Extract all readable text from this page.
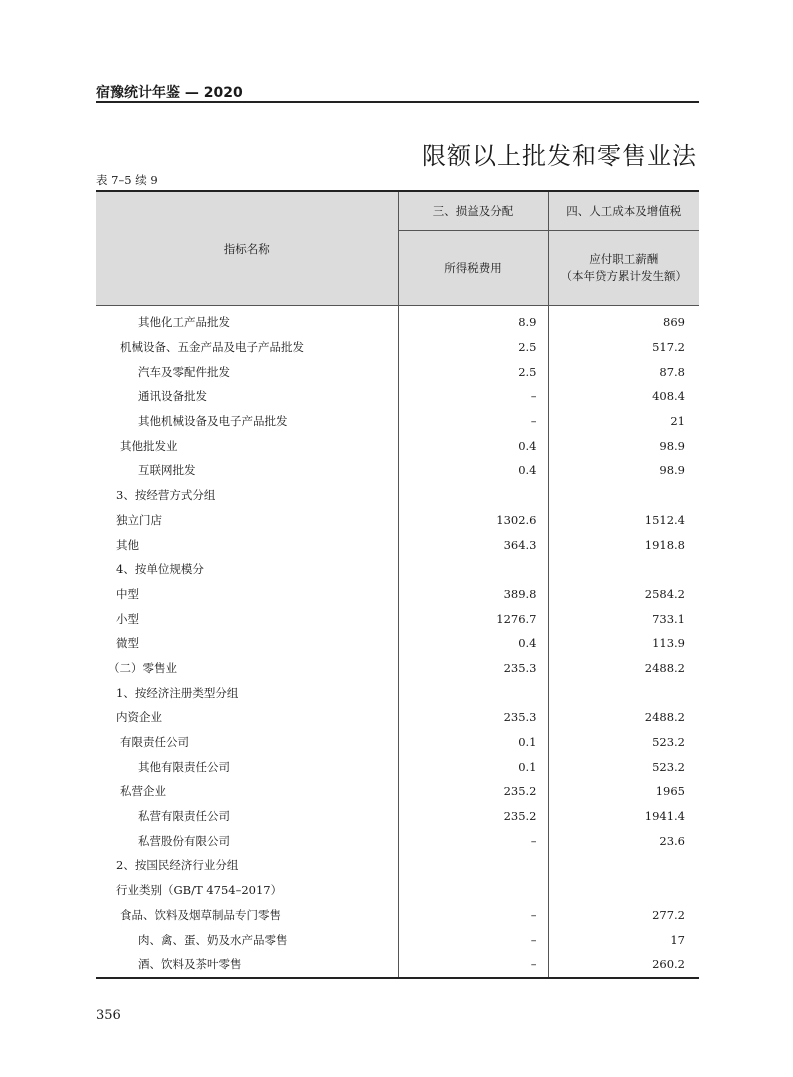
宿豫统计年鉴 — 2020
限额以上批发和零售业法
表 7–5 续 9
指标名称	三、损益及分配	四、人工成本及增值税
	所得税费用	应付职工薪酬
（本年贷方累计发生额）

其他化工产品批发	8.9	869
机械设备、五金产品及电子产品批发	2.5	517.2
汽车及零配件批发	2.5	87.8
通讯设备批发	–	408.4
其他机械设备及电子产品批发	–	21
其他批发业	0.4	98.9
互联网批发	0.4	98.9
3、按经营方式分组		
独立门店	1302.6	1512.4
其他	364.3	1918.8
4、按单位规模分		
中型	389.8	2584.2
小型	1276.7	733.1
微型	0.4	113.9
（二）零售业	235.3	2488.2
1、按经济注册类型分组		
内资企业	235.3	2488.2
有限责任公司	0.1	523.2
其他有限责任公司	0.1	523.2
私营企业	235.2	1965
私营有限责任公司	235.2	1941.4
私营股份有限公司	–	23.6
2、按国民经济行业分组		
行业类别（GB/T 4754–2017）		
食品、饮料及烟草制品专门零售	–	277.2
肉、禽、蛋、奶及水产品零售	–	17
酒、饮料及茶叶零售	–	260.2
356
